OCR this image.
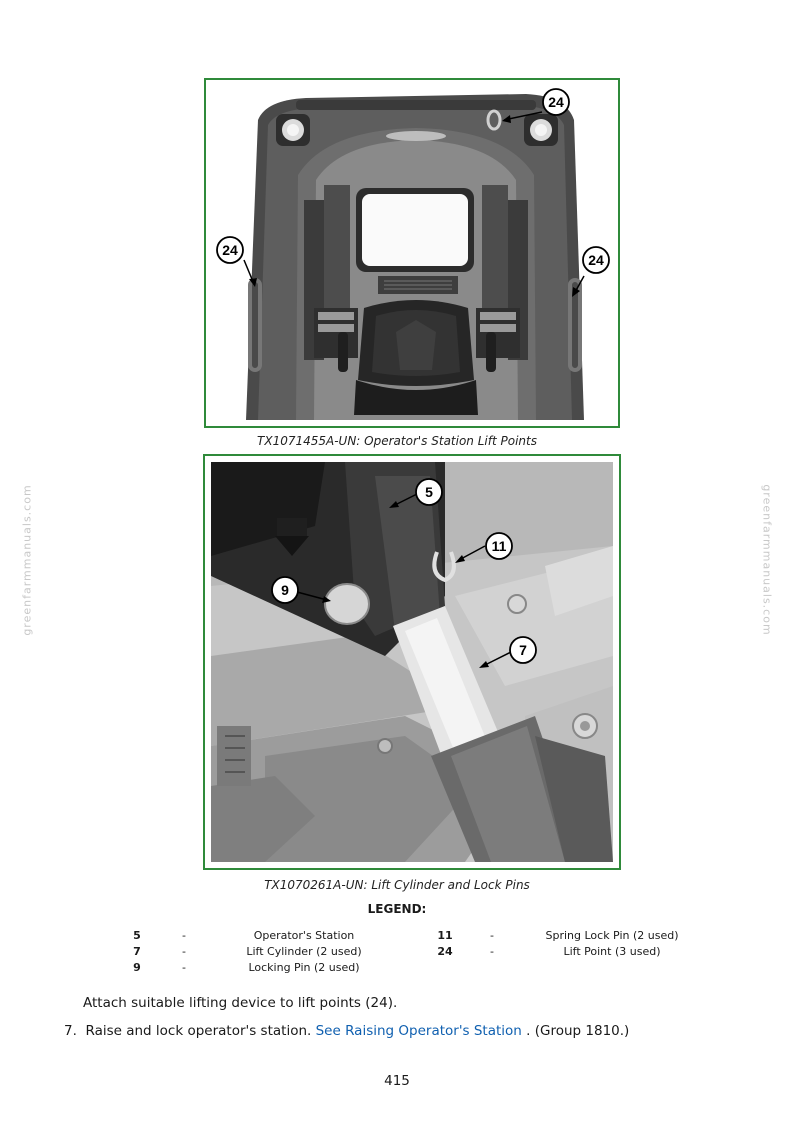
greenfarmmanuals.com	greenfarmmanuals.com
24
24
24
TX1071455A-UN: Operator's Station Lift Points
5
11
9
7
TX1070261A-UN: Lift Cylinder and Lock Pins
LEGEND:
5	-	Operator's Station	11	-	Spring Lock Pin (2 used)
7	-	Lift Cylinder (2 used)	24	-	Lift Point (3 used)
9	-	Locking Pin (2 used)
Attach suitable lifting device to lift points (24).
7. Raise and lock operator's station. See Raising Operator's Station . (Group 1810.)
415
